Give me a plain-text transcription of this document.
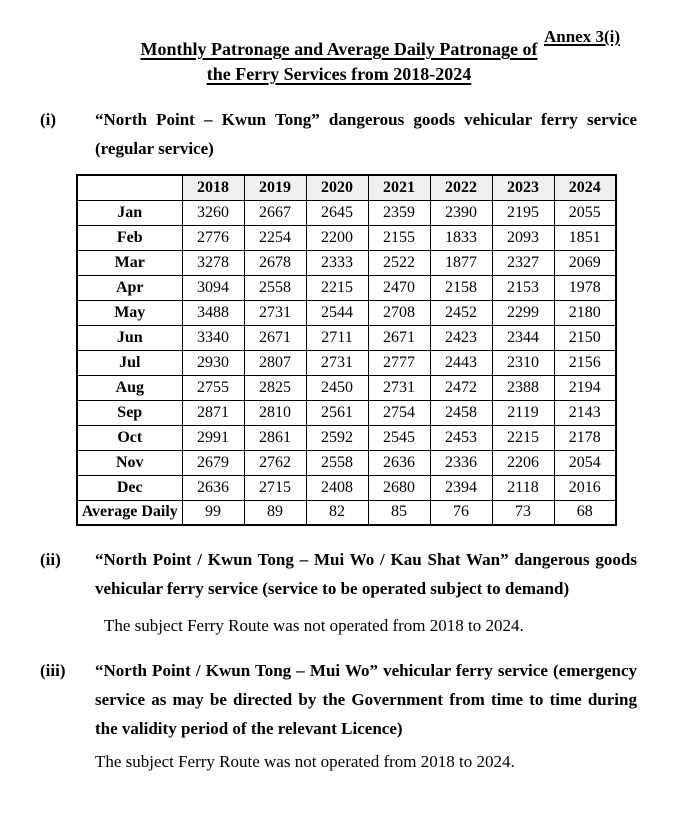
Annex 3(i)
Monthly Patronage and Average Daily Patronage of
the Ferry Services from 2018-2024
(i)	“North Point – Kwun Tong” dangerous goods vehicular ferry service (regular service)
	2018	2019	2020	2021	2022	2023	2024
Jan	3260	2667	2645	2359	2390	2195	2055
Feb	2776	2254	2200	2155	1833	2093	1851
Mar	3278	2678	2333	2522	1877	2327	2069
Apr	3094	2558	2215	2470	2158	2153	1978
May	3488	2731	2544	2708	2452	2299	2180
Jun	3340	2671	2711	2671	2423	2344	2150
Jul	2930	2807	2731	2777	2443	2310	2156
Aug	2755	2825	2450	2731	2472	2388	2194
Sep	2871	2810	2561	2754	2458	2119	2143
Oct	2991	2861	2592	2545	2453	2215	2178
Nov	2679	2762	2558	2636	2336	2206	2054
Dec	2636	2715	2408	2680	2394	2118	2016
Average Daily	99	89	82	85	76	73	68
(ii)	“North Point / Kwun Tong – Mui Wo / Kau Shat Wan” dangerous goods vehicular ferry service (service to be operated subject to demand)

The subject Ferry Route was not operated from 2018 to 2024.

(iii)	“North Point / Kwun Tong – Mui Wo” vehicular ferry service (emergency service as may be directed by the Government from time to time during the validity period of the relevant Licence)

The subject Ferry Route was not operated from 2018 to 2024.
